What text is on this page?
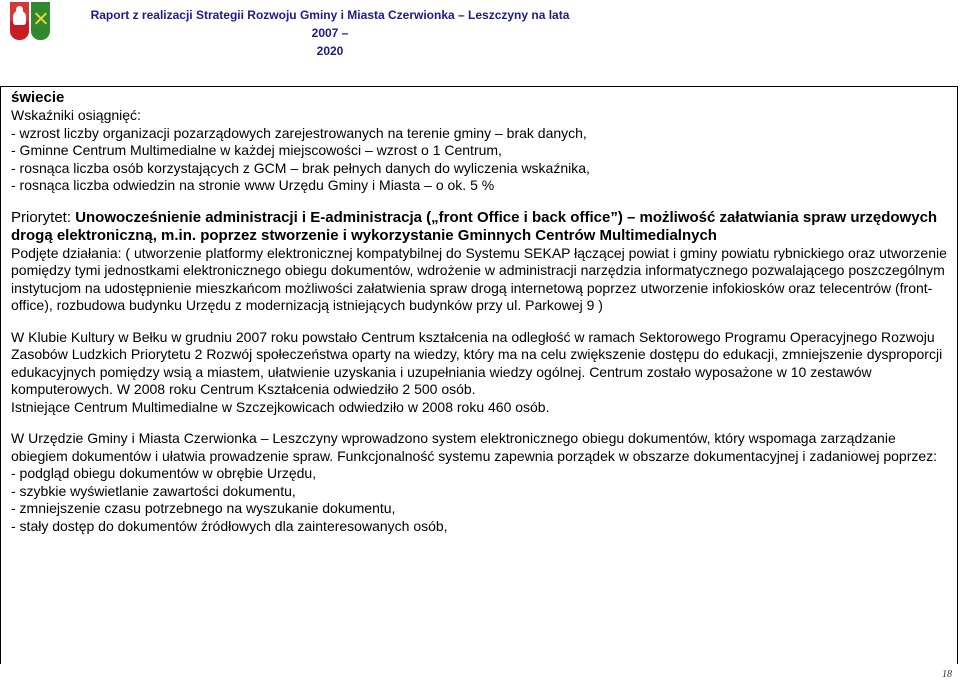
Raport z realizacji Strategii Rozwoju Gminy i Miasta Czerwionka – Leszczyny na lata 2007 –
2020

świecie

Wskaźniki osiągnięć:

- wzrost liczby organizacji pozarządowych zarejestrowanych na terenie gminy – brak danych,

- Gminne Centrum Multimedialne w każdej miejscowości – wzrost o 1 Centrum,

- rosnąca liczba osób korzystających z GCM – brak pełnych danych do wyliczenia wskaźnika,

- rosnąca liczba odwiedzin na stronie www Urzędu Gminy i Miasta – o ok. 5 %

Priorytet: Unowocześnienie administracji i E-administracja („front Office i back office”) – możliwość załatwiania spraw urzędowych drogą elektroniczną, m.in. poprzez stworzenie i wykorzystanie Gminnych Centrów Multimedialnych

Podjęte działania: ( utworzenie platformy elektronicznej kompatybilnej do Systemu SEKAP łączącej powiat i gminy powiatu rybnickiego oraz utworzenie pomiędzy tymi jednostkami elektronicznego obiegu dokumentów, wdrożenie w administracji narzędzia informatycznego pozwalającego poszczególnym instytucjom na udostępnienie mieszkańcom możliwości załatwienia spraw drogą internetową poprzez utworzenie infokiosków oraz telecentrów (front-office), rozbudowa budynku Urzędu z modernizacją istniejących budynków przy ul. Parkowej 9 )

W Klubie Kultury w Bełku w grudniu 2007 roku powstało Centrum kształcenia na odległość w ramach Sektorowego Programu Operacyjnego Rozwoju Zasobów Ludzkich Priorytetu 2 Rozwój społeczeństwa oparty na wiedzy, który ma na celu zwiększenie dostępu do edukacji, zmniejszenie dysproporcji edukacyjnych pomiędzy wsią a miastem, ułatwienie uzyskania i uzupełniania wiedzy ogólnej. Centrum zostało wyposażone w 10 zestawów komputerowych. W 2008 roku Centrum Kształcenia odwiedziło 2 500 osób.

Istniejące Centrum Multimedialne w Szczejkowicach odwiedziło w 2008 roku 460 osób.

W Urzędzie Gminy i Miasta Czerwionka – Leszczyny wprowadzono system elektronicznego obiegu dokumentów, który wspomaga zarządzanie obiegiem dokumentów i ułatwia prowadzenie spraw. Funkcjonalność systemu zapewnia porządek w obszarze dokumentacyjnej i zadaniowej poprzez:

- podgląd obiegu dokumentów w obrębie Urzędu,

- szybkie wyświetlanie zawartości dokumentu,

- zmniejszenie czasu potrzebnego na wyszukanie dokumentu,

- stały dostęp do dokumentów źródłowych dla zainteresowanych osób,

18
